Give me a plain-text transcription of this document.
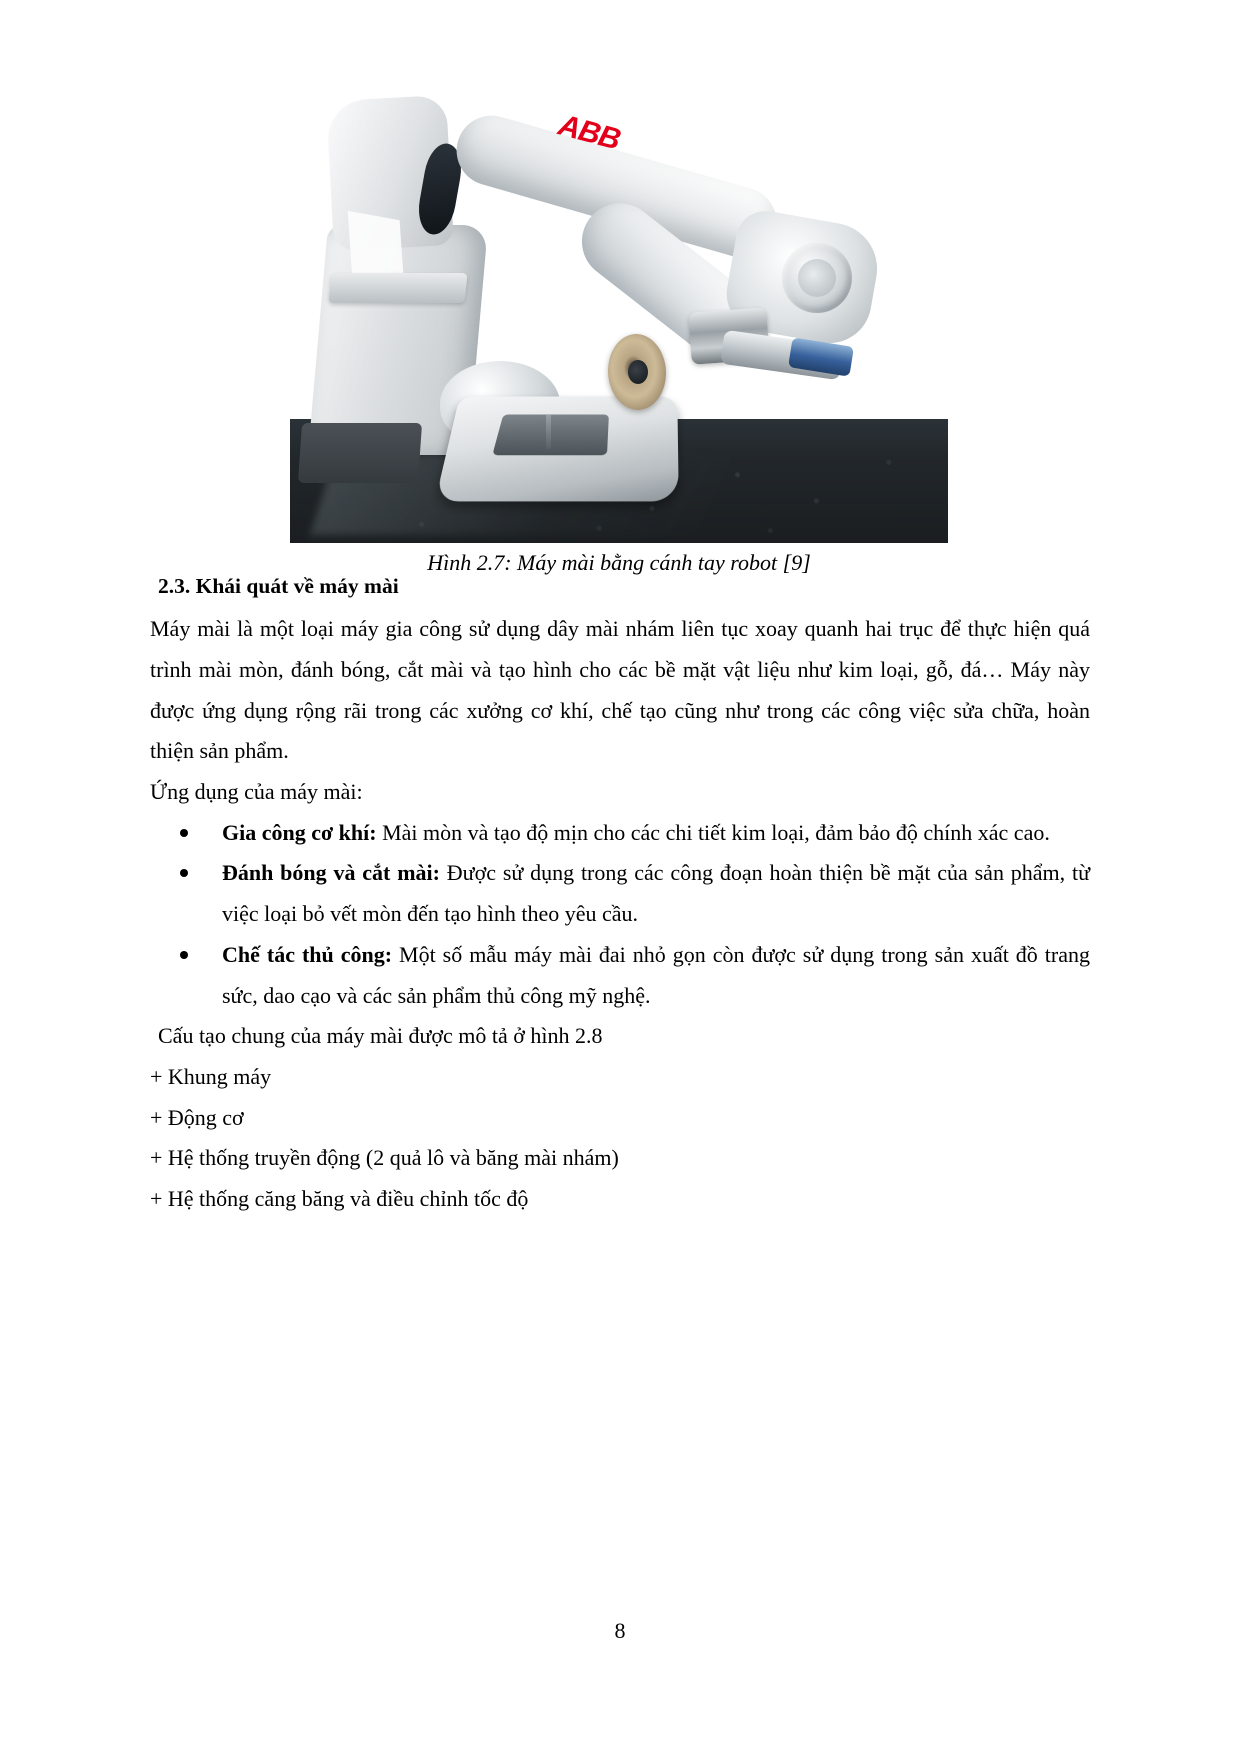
ABB
Hình 2.7: Máy mài bằng cánh tay robot [9]
2.3. Khái quát về máy mài

Máy mài là một loại máy gia công sử dụng dây mài nhám liên tục xoay quanh hai trục để thực hiện quá trình mài mòn, đánh bóng, cắt mài và tạo hình cho các bề mặt vật liệu như kim loại, gỗ, đá… Máy này được ứng dụng rộng rãi trong các xưởng cơ khí, chế tạo cũng như trong các công việc sửa chữa, hoàn thiện sản phẩm.

Ứng dụng của máy mài:

Gia công cơ khí: Mài mòn và tạo độ mịn cho các chi tiết kim loại, đảm bảo độ chính xác cao.
Đánh bóng và cắt mài: Được sử dụng trong các công đoạn hoàn thiện bề mặt của sản phẩm, từ việc loại bỏ vết mòn đến tạo hình theo yêu cầu.
Chế tác thủ công: Một số mẫu máy mài đai nhỏ gọn còn được sử dụng trong sản xuất đồ trang sức, dao cạo và các sản phẩm thủ công mỹ nghệ.

Cấu tạo chung của máy mài được mô tả ở hình 2.8

+ Khung máy

+ Động cơ

+ Hệ thống truyền động (2 quả lô và băng mài nhám)

+ Hệ thống căng băng và điều chỉnh tốc độ

8
